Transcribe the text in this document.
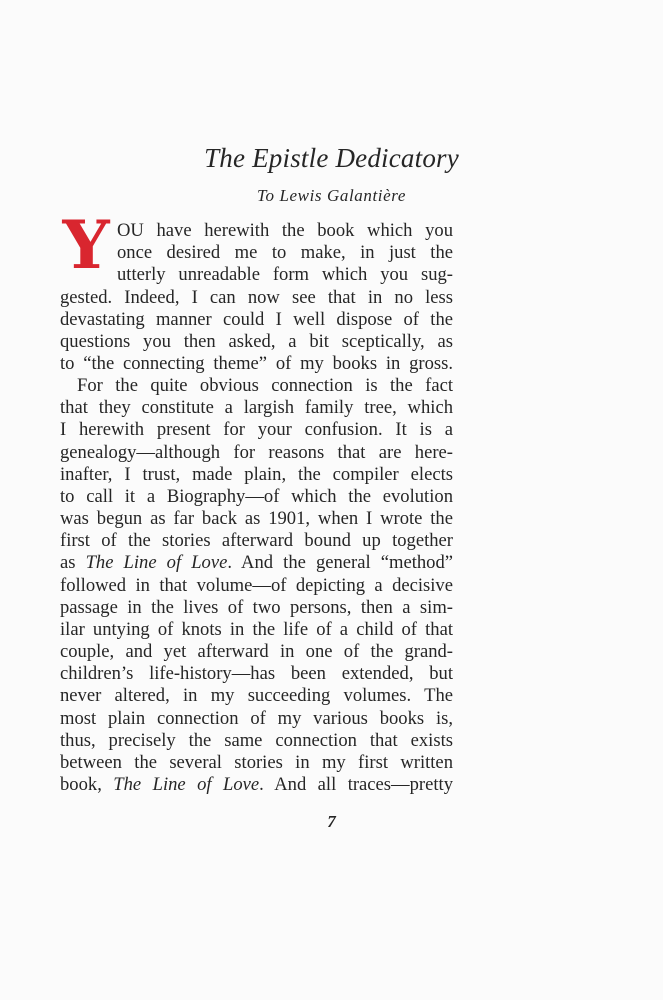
The Epistle Dedicatory
To Lewis Galantière
Y OU have herewith the book which you
once desired me to make, in just the
utterly unreadable form which you sug-
gested. Indeed, I can now see that in no less
devastating manner could I well dispose of the
questions you then asked, a bit sceptically, as
to “the connecting theme” of my books in gross.
For the quite obvious connection is the fact
that they constitute a largish family tree, which
I herewith present for your confusion. It is a
genealogy—although for reasons that are here-
inafter, I trust, made plain, the compiler elects
to call it a Biography—of which the evolution
was begun as far back as 1901, when I wrote the
first of the stories afterward bound up together
as The Line of Love. And the general “method”
followed in that volume—of depicting a decisive
passage in the lives of two persons, then a sim-
ilar untying of knots in the life of a child of that
couple, and yet afterward in one of the grand-
children’s life-history—has been extended, but
never altered, in my succeeding volumes. The
most plain connection of my various books is,
thus, precisely the same connection that exists
between the several stories in my first written
book, The Line of Love. And all traces—pretty
7
